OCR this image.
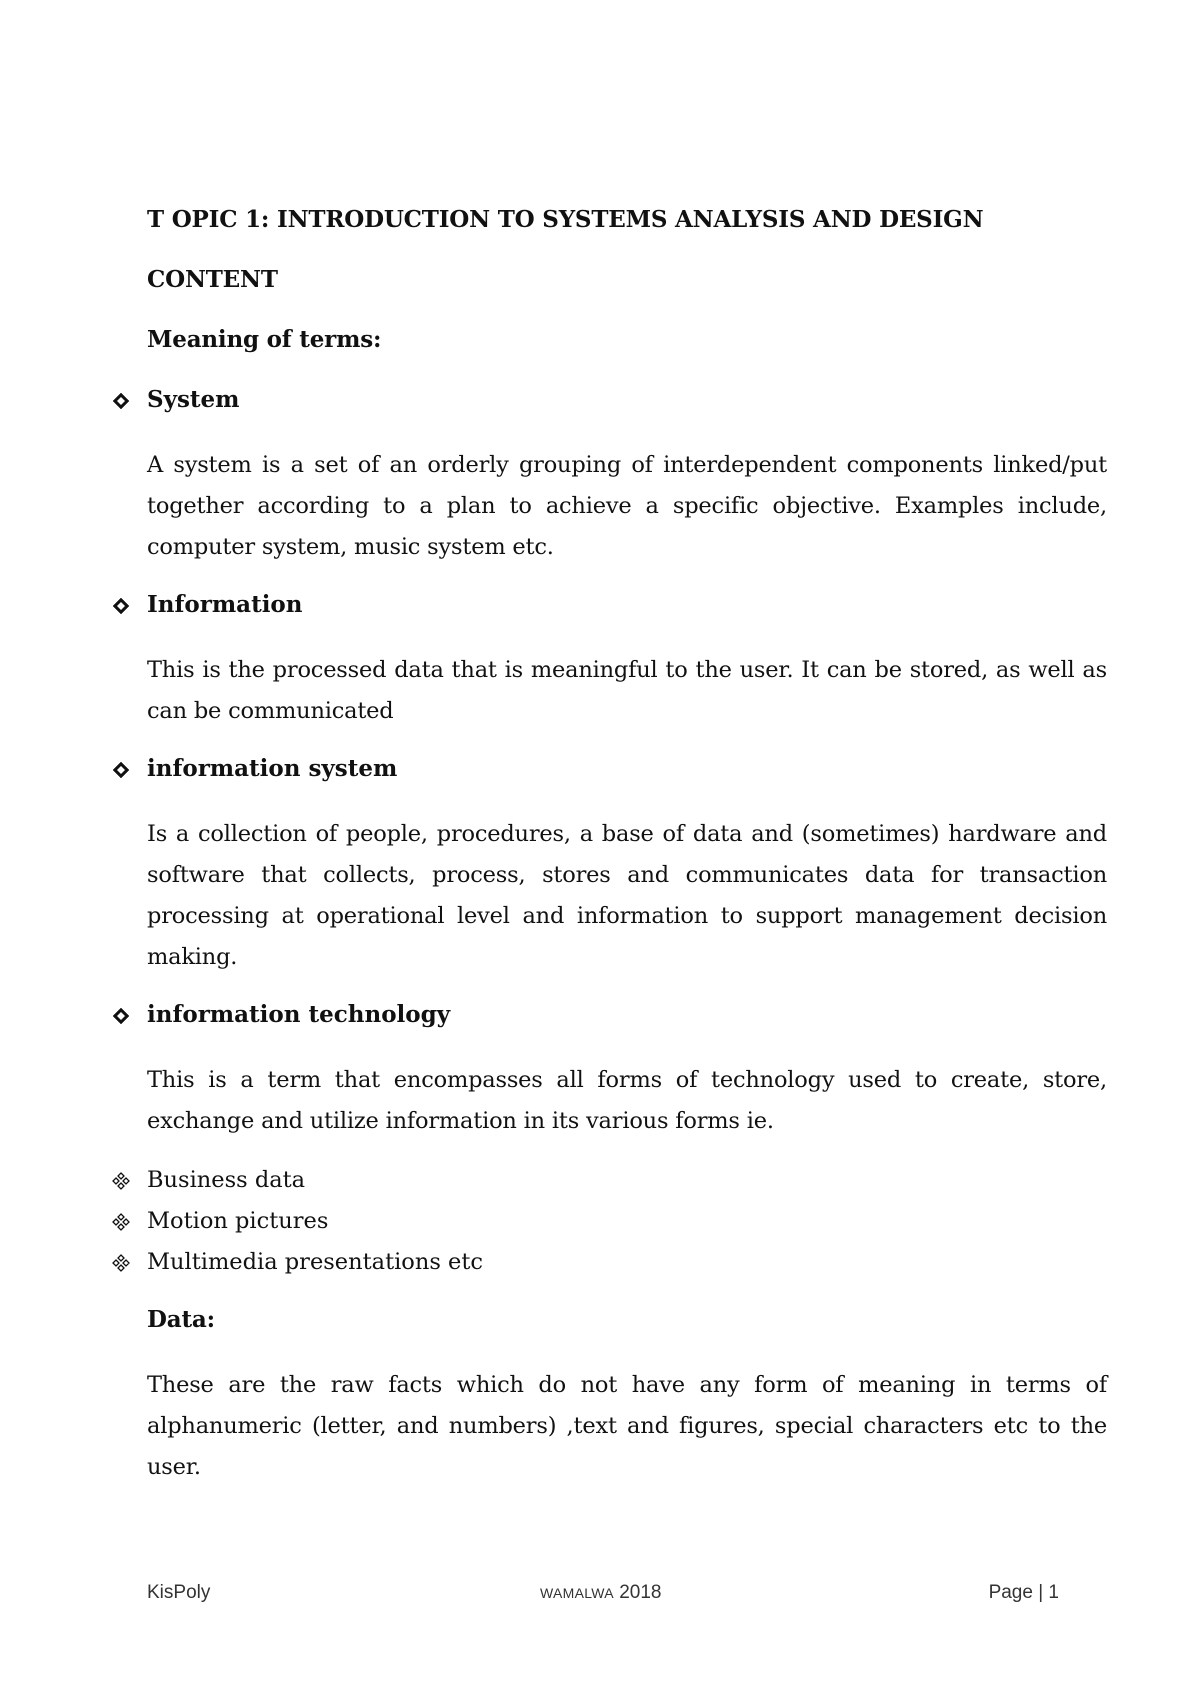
T OPIC 1: INTRODUCTION TO SYSTEMS ANALYSIS AND DESIGN
CONTENT
Meaning of terms:
System

A system is a set of an orderly grouping of interdependent components linked/put together according to a plan to achieve a specific objective. Examples include, computer system, music system etc.

Information

This is the processed data that is meaningful to the user. It can be stored, as well as can be communicated

information system

Is a collection of people, procedures, a base of data and (sometimes) hardware and software that collects, process, stores and communicates data for transaction processing at operational level and information to support management decision making.

information technology

This is a term that encompasses all forms of technology used to create, store, exchange and utilize information in its various forms ie.

Business data
Motion pictures
Multimedia presentations etc
Data:

These are the raw facts which do not have any form of meaning in terms of alphanumeric (letter, and numbers) ,text and figures, special characters etc to the user.

KisPoly	WAMALWA 2018	Page | 1
